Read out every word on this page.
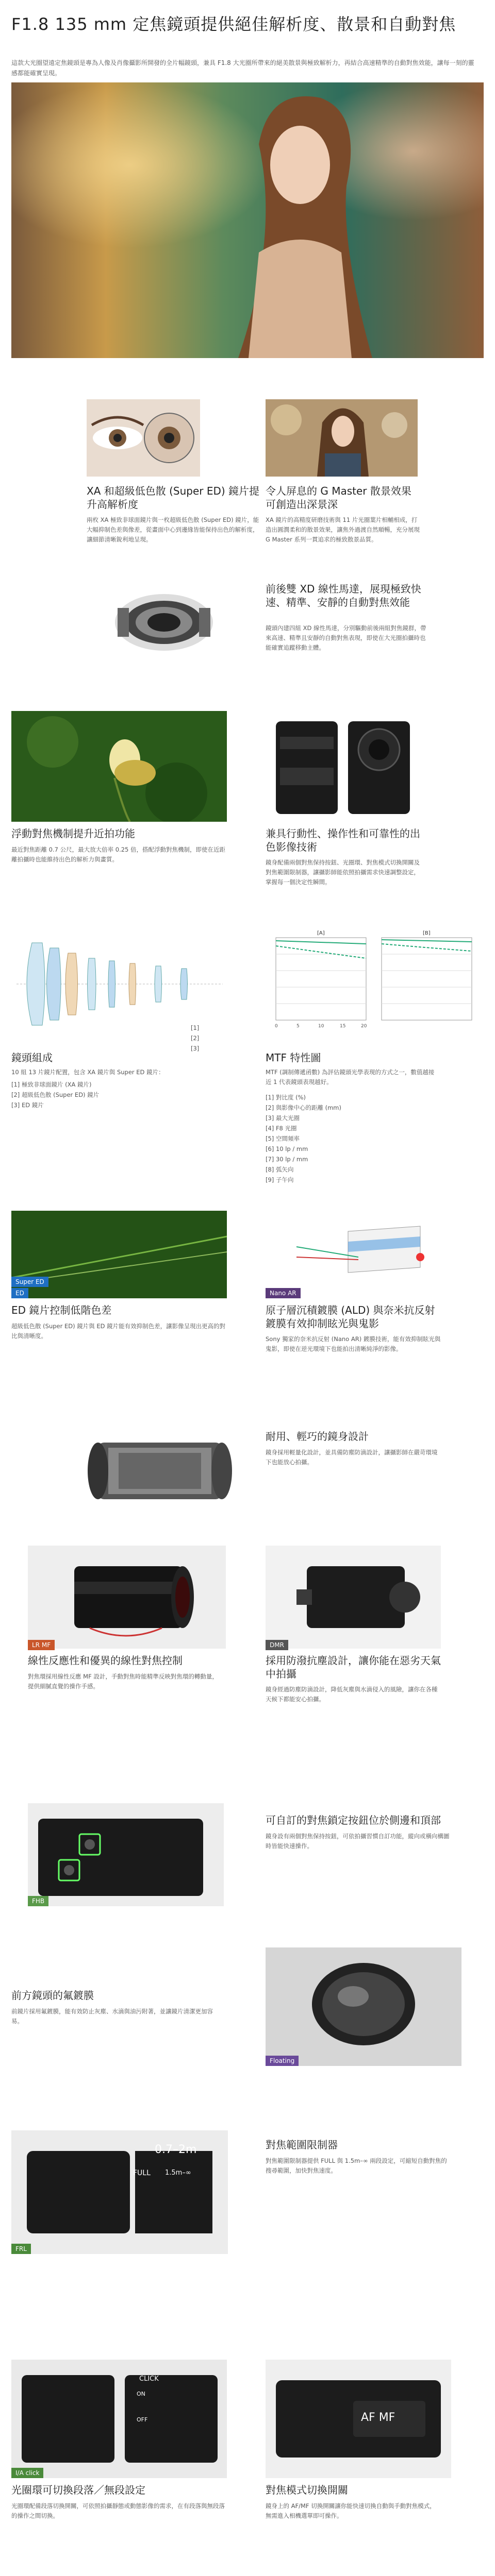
F1.8 135 mm 定焦鏡頭提供絕佳解析度、散景和自動對焦
這款大光圈望遠定焦鏡頭是專為人像及肖像攝影所開發的全片幅鏡頭，兼具 F1.8 大光圈所帶來的絕美散景與極致解析力，再結合高速精準的自動對焦效能，讓每一刻的靈感都能確實呈現。
XA 和超級低色散 (Super ED) 鏡片提升高解析度
兩枚 XA 極致非球面鏡片與一枚超級低色散 (Super ED) 鏡片，能大幅抑制色差與像差，從畫面中心到邊緣皆能保持出色的解析度，讓細節清晰銳利地呈現。
令人屏息的 G Master 散景效果可創造出深景深
XA 鏡片的高精度研磨技術與 11 片光圈葉片相輔相成，打造出圓潤柔和的散景效果，讓焦外過渡自然順暢，充分展現 G Master 系列一貫追求的極致散景品質。
前後雙 XD 線性馬達，展現極致快速、精準、安靜的自動對焦效能
鏡頭內建四組 XD 線性馬達，分別驅動前後兩組對焦鏡群，帶來高速、精準且安靜的自動對焦表現，即使在大光圈拍攝時也能確實追蹤移動主體。
浮動對焦機制提升近拍功能
最近對焦距離 0.7 公尺，最大放大倍率 0.25 倍，搭配浮動對焦機制，即使在近距離拍攝時也能維持出色的解析力與畫質。
兼具行動性、操作性和可靠性的出色影像技術
鏡身配備兩個對焦保持按鈕、光圈環、對焦模式切換開關及對焦範圍限制器，讓攝影師能依照拍攝需求快速調整設定，掌握每一個決定性瞬間。
[1]
[2]
[3]
鏡頭組成
10 組 13 片鏡片配置，包含 XA 鏡片與 Super ED 鏡片：
[1] 極致非球面鏡片 (XA 鏡片)
[2] 超級低色散 (Super ED) 鏡片
[3] ED 鏡片
[A]	[B]
0	5	10	15	20
MTF 特性圖
MTF (調制傳遞函數) 為評估鏡頭光學表現的方式之一，數值越接近 1 代表鏡頭表現越好。
[1] 對比度 (%)
[2] 與影像中心的距離 (mm)
[3] 最大光圈
[4] F8 光圈
[5] 空間頻率
[6] 10 lp / mm
[7] 30 lp / mm
[8] 弧矢向
[9] 子午向
Super ED
ED
ED 鏡片控制低階色差
超級低色散 (Super ED) 鏡片與 ED 鏡片能有效抑制色差，讓影像呈現出更高的對比與清晰度。
Nano AR
原子層沉積鍍膜 (ALD) 與奈米抗反射鍍膜有效抑制眩光與鬼影
Sony 獨家的奈米抗反射 (Nano AR) 鍍膜技術，能有效抑制眩光與鬼影，即使在逆光環境下也能拍出清晰純淨的影像。
耐用、輕巧的鏡身設計
鏡身採用輕量化設計，並具備防塵防滴設計，讓攝影師在嚴苛環境下也能放心拍攝。
LR MF
線性反應性和優異的線性對焦控制
對焦環採用線性反應 MF 設計，手動對焦時能精準反映對焦環的轉動量，提供細膩直覺的操作手感。
DMR
採用防潑抗塵設計，讓你能在惡劣天氣中拍攝
鏡身經過防塵防滴設計，降低灰塵與水滴侵入的風險，讓你在各種天候下都能安心拍攝。
FHB
可自訂的對焦鎖定按鈕位於側邊和頂部
鏡身設有兩個對焦保持按鈕，可依拍攝習慣自訂功能，縱向或橫向構圖時皆能快速操作。
前方鏡頭的氟鍍膜
前鏡片採用氟鍍膜，能有效防止灰塵、水滴與油污附著，並讓鏡片清潔更加容易。
Floating
0.7–2m
FULL 1.5m–∞
FRL
對焦範圍限制器
對焦範圍限制器提供 FULL 與 1.5m–∞ 兩段設定，可縮短自動對焦的搜尋範圍，加快對焦速度。
CLICK
ON
OFF
I/A click
光圈環可切換段落／無段設定
光圈環配備段落切換開關，可依照拍攝靜態或動態影像的需求，在有段落與無段落的操作之間切換。
AF MF
對焦模式切換開關
鏡身上的 AF/MF 切換開關讓你能快速切換自動與手動對焦模式，無需進入相機選單即可操作。
